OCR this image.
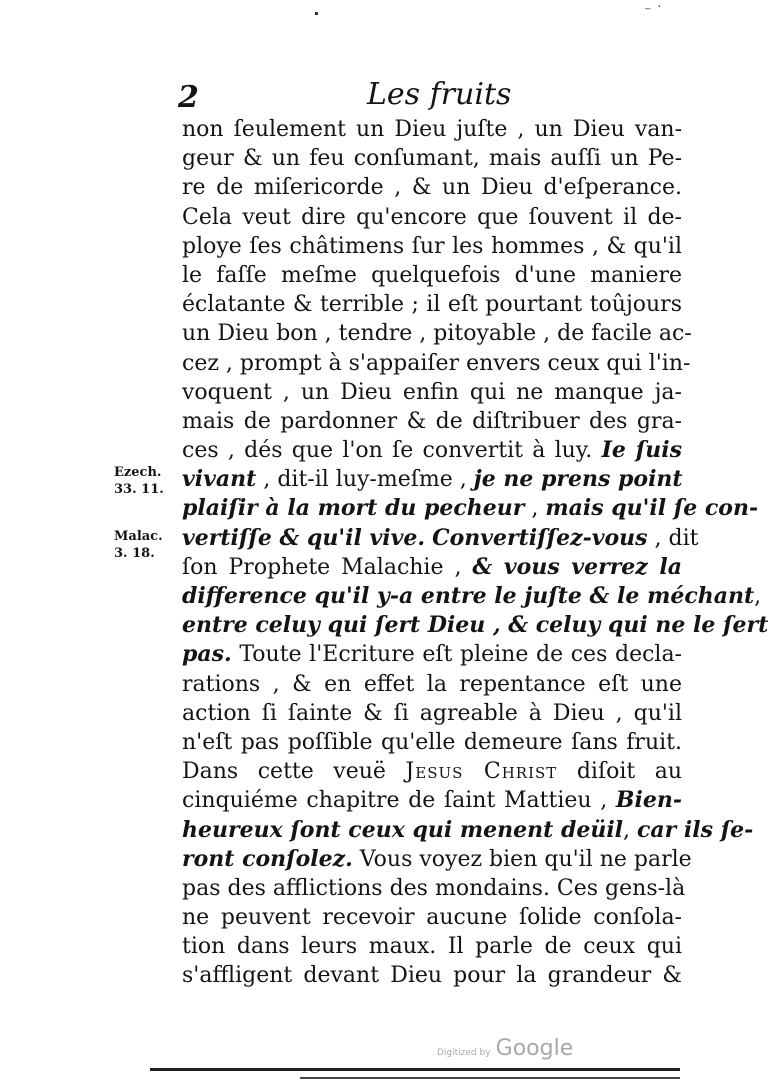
⁻ ˙
2	Les fruits
Ezech.
33. 11.
Malac.
3. 18.
non ſeulement un Dieu juſte , un Dieu van-
geur & un feu conſumant, mais auſſi un Pe-
re de miſericorde , & un Dieu d'eſperance.
Cela veut dire qu'encore que ſouvent il de-
ploye ſes châtimens ſur les hommes , & qu'il
le faſſe meſme quelquefois d'une maniere
éclatante & terrible ; il eſt pourtant toûjours
un Dieu bon , tendre , pitoyable , de facile ac-
cez , prompt à s'appaiſer envers ceux qui l'in-
voquent , un Dieu enfin qui ne manque ja-
mais de pardonner & de diſtribuer des gra-
ces , dés que l'on ſe convertit à luy. Ie ſuis
vivant , dit-il luy-meſme , je ne prens point
plaiſir à la mort du pecheur , mais qu'il ſe con-
vertiſſe & qu'il vive. Convertiſſez-vous , dit
ſon Prophete Malachie , & vous verrez la
difference qu'il y-a entre le juſte & le méchant,
entre celuy qui ſert Dieu , & celuy qui ne le ſert
pas. Toute l'Ecriture eſt pleine de ces decla-
rations , & en effet la repentance eſt une
action ſi ſainte & ſi agreable à Dieu , qu'il
n'eſt pas poſſible qu'elle demeure ſans fruit.
Dans cette veuë Jesus Christ diſoit au
cinquiéme chapitre de ſaint Mattieu , Bien-
heureux ſont ceux qui menent deüil, car ils ſe-
ront conſolez. Vous voyez bien qu'il ne parle
pas des afflictions des mondains. Ces gens-là
ne peuvent recevoir aucune ſolide conſola-
tion dans leurs maux. Il parle de ceux qui
s'affligent devant Dieu pour la grandeur &
Digitized by Google
